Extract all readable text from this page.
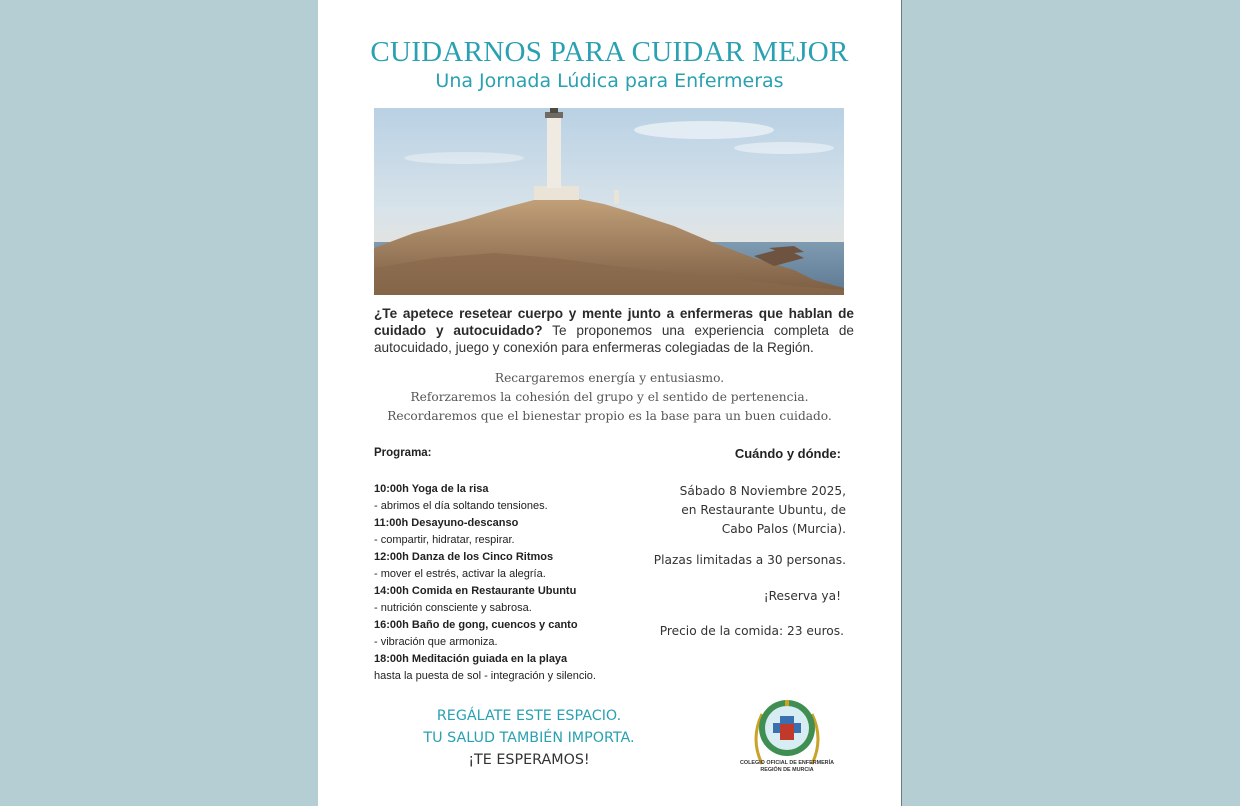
CUIDARNOS PARA CUIDAR MEJOR
Una Jornada Lúdica para Enfermeras
¿Te apetece resetear cuerpo y mente junto a enfermeras que hablan de cuidado y autocuidado? Te proponemos una experiencia completa de autocuidado, juego y conexión para enfermeras colegiadas de la Región.
Recargaremos energía y entusiasmo.
Reforzaremos la cohesión del grupo y el sentido de pertenencia.
Recordaremos que el bienestar propio es la base para un buen cuidado.
Programa:
10:00h Yoga de la risa
- abrimos el día soltando tensiones.
11:00h Desayuno-descanso
- compartir, hidratar, respirar.
12:00h Danza de los Cinco Ritmos
- mover el estrés, activar la alegría.
14:00h Comida en Restaurante Ubuntu
- nutrición consciente y sabrosa.
16:00h Baño de gong, cuencos y canto
- vibración que armoniza.
18:00h Meditación guiada en la playa
hasta la puesta de sol - integración y silencio.
Cuándo y dónde:
Sábado 8 Noviembre 2025,
en Restaurante Ubuntu, de
Cabo Palos (Murcia).
Plazas limitadas a 30 personas.
¡Reserva ya!
Precio de la comida: 23 euros.
REGÁLATE ESTE ESPACIO.
TU SALUD TAMBIÉN IMPORTA.
¡TE ESPERAMOS!	COLEGIO OFICIAL DE ENFERMERÍA
REGIÓN DE MURCIA
